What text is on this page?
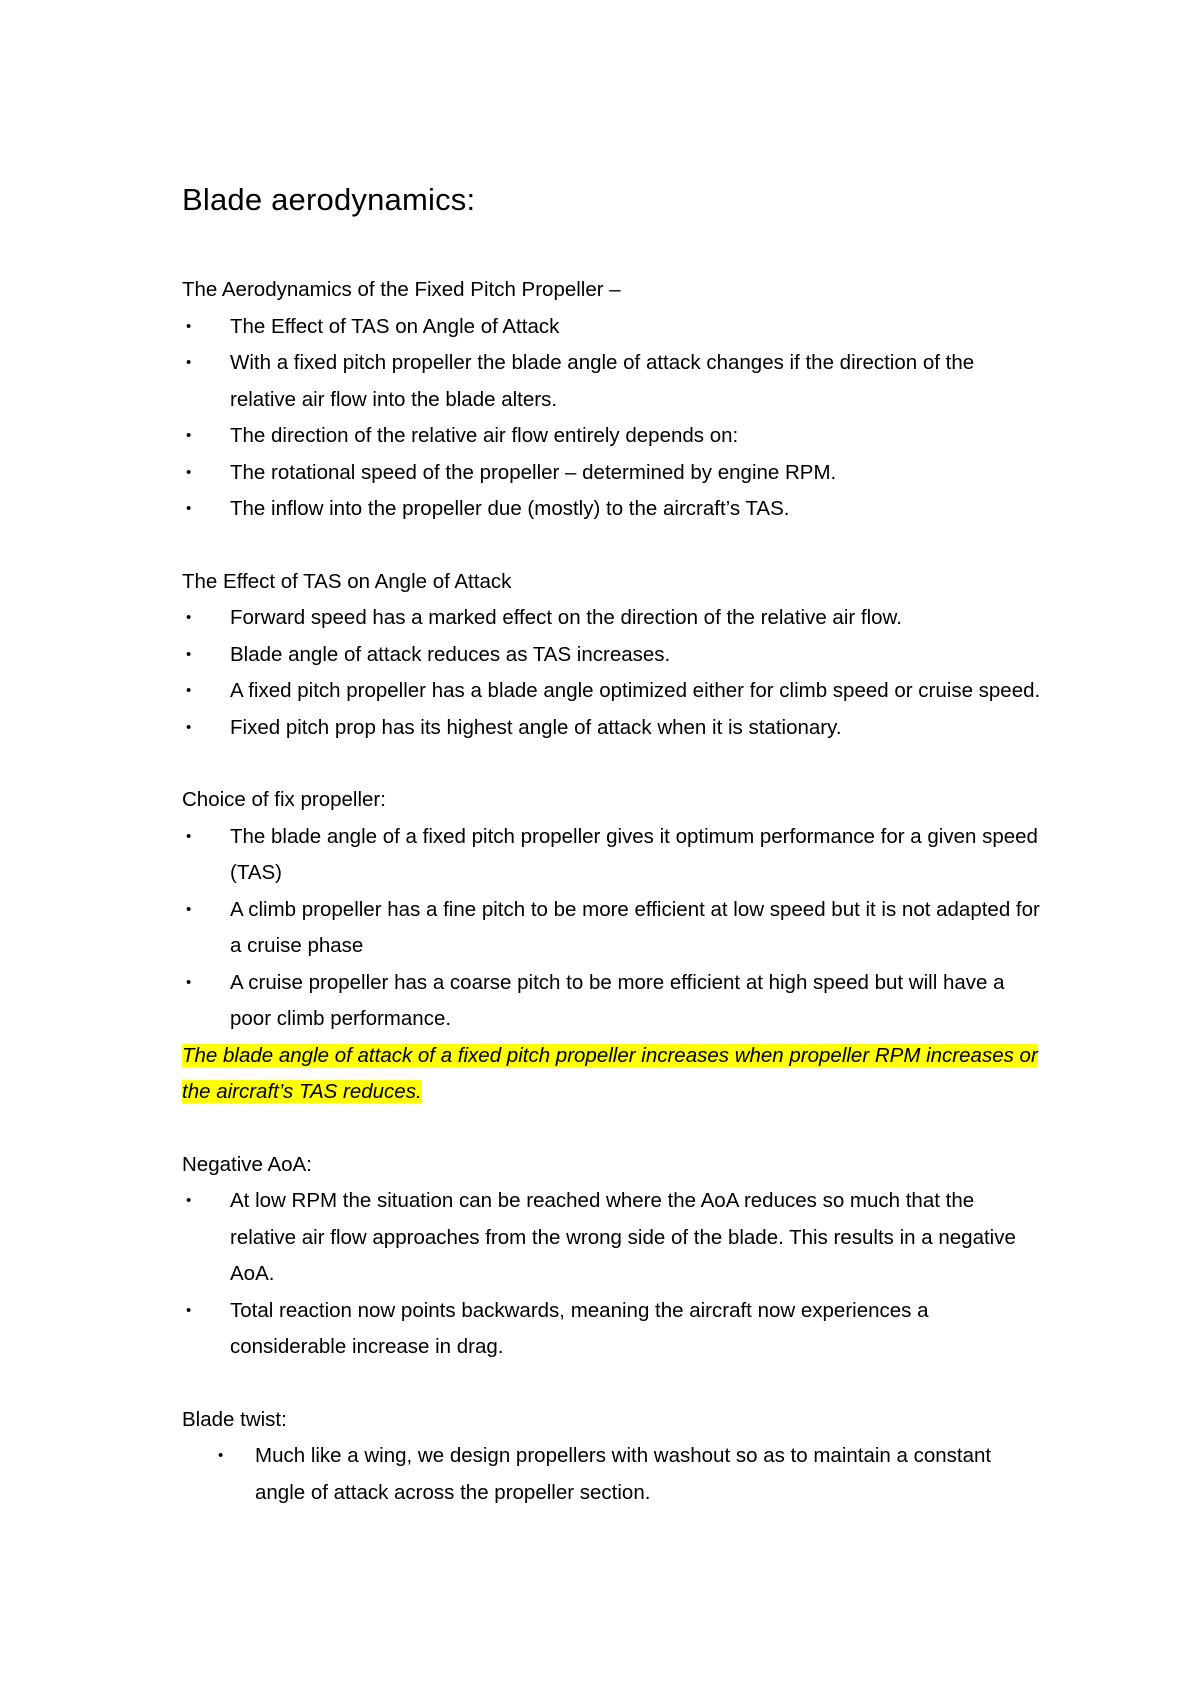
Blade aerodynamics:
The Aerodynamics of the Fixed Pitch Propeller –
• The Effect of TAS on Angle of Attack
• With a fixed pitch propeller the blade angle of attack changes if the direction of the relative air flow into the blade alters.
• The direction of the relative air flow entirely depends on:
• The rotational speed of the propeller – determined by engine RPM.
• The inflow into the propeller due (mostly) to the aircraft’s TAS.
The Effect of TAS on Angle of Attack
• Forward speed has a marked effect on the direction of the relative air flow.
• Blade angle of attack reduces as TAS increases.
• A fixed pitch propeller has a blade angle optimized either for climb speed or cruise speed.
• Fixed pitch prop has its highest angle of attack when it is stationary.
Choice of fix propeller:
• The blade angle of a fixed pitch propeller gives it optimum performance for a given speed (TAS)
• A climb propeller has a fine pitch to be more efficient at low speed but it is not adapted for a cruise phase
• A cruise propeller has a coarse pitch to be more efficient at high speed but will have a poor climb performance.
The blade angle of attack of a fixed pitch propeller increases when propeller RPM increases or the aircraft’s TAS reduces.
Negative AoA:
• At low RPM the situation can be reached where the AoA reduces so much that the relative air flow approaches from the wrong side of the blade. This results in a negative AoA.
• Total reaction now points backwards, meaning the aircraft now experiences a considerable increase in drag.
Blade twist:
• Much like a wing, we design propellers with washout so as to maintain a constant angle of attack across the propeller section.
